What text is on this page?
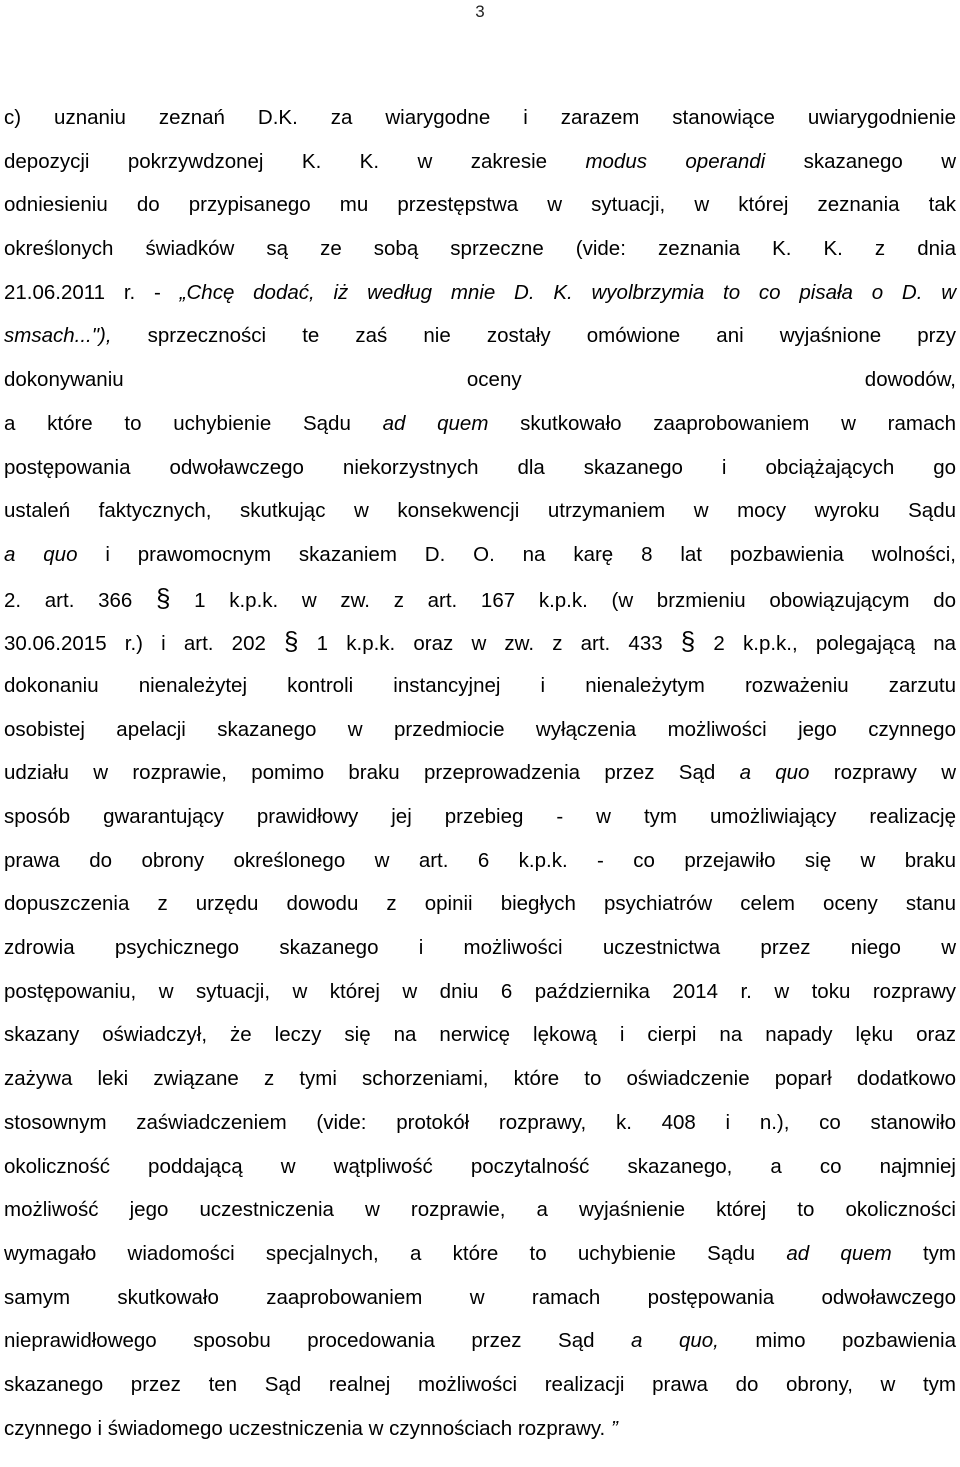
3
c) uznaniu zeznań D.K. za wiarygodne i zarazem stanowiące uwiarygodnienie
depozycji pokrzywdzonej K. K. w zakresie modus operandi skazanego w
odniesieniu do przypisanego mu przestępstwa w sytuacji, w której zeznania tak
określonych świadków są ze sobą sprzeczne (vide: zeznania K. K. z dnia
21.06.2011 r. - „Chcę dodać, iż według mnie D. K. wyolbrzymia to co pisała o D. w
smsach..."), sprzeczności te zaś nie zostały omówione ani wyjaśnione przy
dokonywaniu oceny dowodów,
a które to uchybienie Sądu ad quem skutkowało zaaprobowaniem w ramach
postępowania odwoławczego niekorzystnych dla skazanego i obciążających go
ustaleń faktycznych, skutkując w konsekwencji utrzymaniem w mocy wyroku Sądu
a quo i prawomocnym skazaniem D. O. na karę 8 lat pozbawienia wolności,
2. art. 366 § 1 k.p.k. w zw. z art. 167 k.p.k. (w brzmieniu obowiązującym do
30.06.2015 r.) i art. 202 § 1 k.p.k. oraz w zw. z art. 433 § 2 k.p.k., polegającą na
dokonaniu nienależytej kontroli instancyjnej i nienależytym rozważeniu zarzutu
osobistej apelacji skazanego w przedmiocie wyłączenia możliwości jego czynnego
udziału w rozprawie, pomimo braku przeprowadzenia przez Sąd a quo rozprawy w
sposób gwarantujący prawidłowy jej przebieg - w tym umożliwiający realizację
prawa do obrony określonego w art. 6 k.p.k. - co przejawiło się w braku
dopuszczenia z urzędu dowodu z opinii biegłych psychiatrów celem oceny stanu
zdrowia psychicznego skazanego i możliwości uczestnictwa przez niego w
postępowaniu, w sytuacji, w której w dniu 6 października 2014 r. w toku rozprawy
skazany oświadczył, że leczy się na nerwicę lękową i cierpi na napady lęku oraz
zażywa leki związane z tymi schorzeniami, które to oświadczenie poparł dodatkowo
stosownym zaświadczeniem (vide: protokół rozprawy, k. 408 i n.), co stanowiło
okoliczność poddającą w wątpliwość poczytalność skazanego, a co najmniej
możliwość jego uczestniczenia w rozprawie, a wyjaśnienie której to okoliczności
wymagało wiadomości specjalnych, a które to uchybienie Sądu ad quem tym
samym skutkowało zaaprobowaniem w ramach postępowania odwoławczego
nieprawidłowego sposobu procedowania przez Sąd a quo, mimo pozbawienia
skazanego przez ten Sąd realnej możliwości realizacji prawa do obrony, w tym
czynnego i świadomego uczestniczenia w czynnościach rozprawy. ”
